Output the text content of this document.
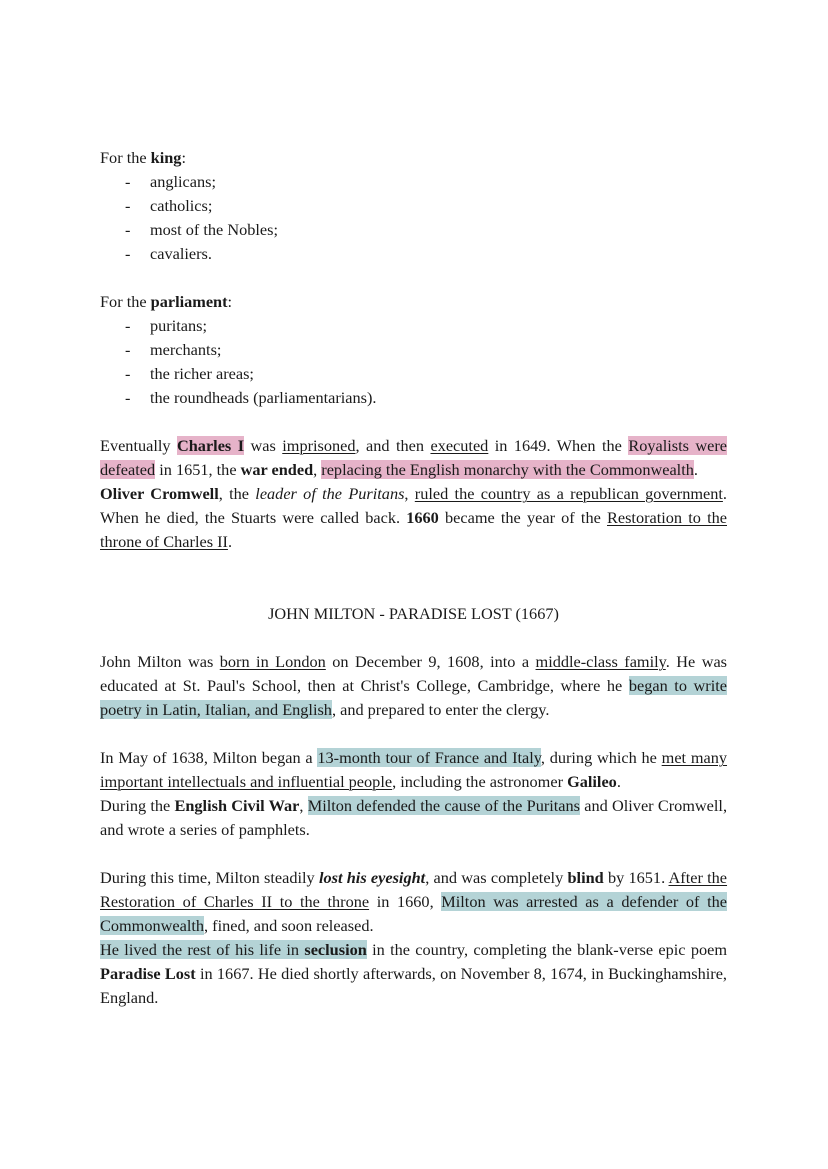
For the king:

- anglicans;
- catholics;
- most of the Nobles;
- cavaliers.

For the parliament:

- puritans;
- merchants;
- the richer areas;
- the roundheads (parliamentarians).

Eventually Charles I was imprisoned, and then executed in 1649. When the Royalists were defeated in 1651, the war ended, replacing the English monarchy with the Commonwealth.

Oliver Cromwell, the leader of the Puritans, ruled the country as a republican government. When he died, the Stuarts were called back. 1660 became the year of the Restoration to the throne of Charles II.

JOHN MILTON - PARADISE LOST (1667)

John Milton was born in London on December 9, 1608, into a middle-class family. He was educated at St. Paul's School, then at Christ's College, Cambridge, where he began to write poetry in Latin, Italian, and English, and prepared to enter the clergy.

In May of 1638, Milton began a 13-month tour of France and Italy, during which he met many important intellectuals and influential people, including the astronomer Galileo.

During the English Civil War, Milton defended the cause of the Puritans and Oliver Cromwell, and wrote a series of pamphlets.

During this time, Milton steadily lost his eyesight, and was completely blind by 1651. After the Restoration of Charles II to the throne in 1660, Milton was arrested as a defender of the Commonwealth, fined, and soon released.

He lived the rest of his life in seclusion in the country, completing the blank-verse epic poem Paradise Lost in 1667. He died shortly afterwards, on November 8, 1674, in Buckinghamshire, England.
